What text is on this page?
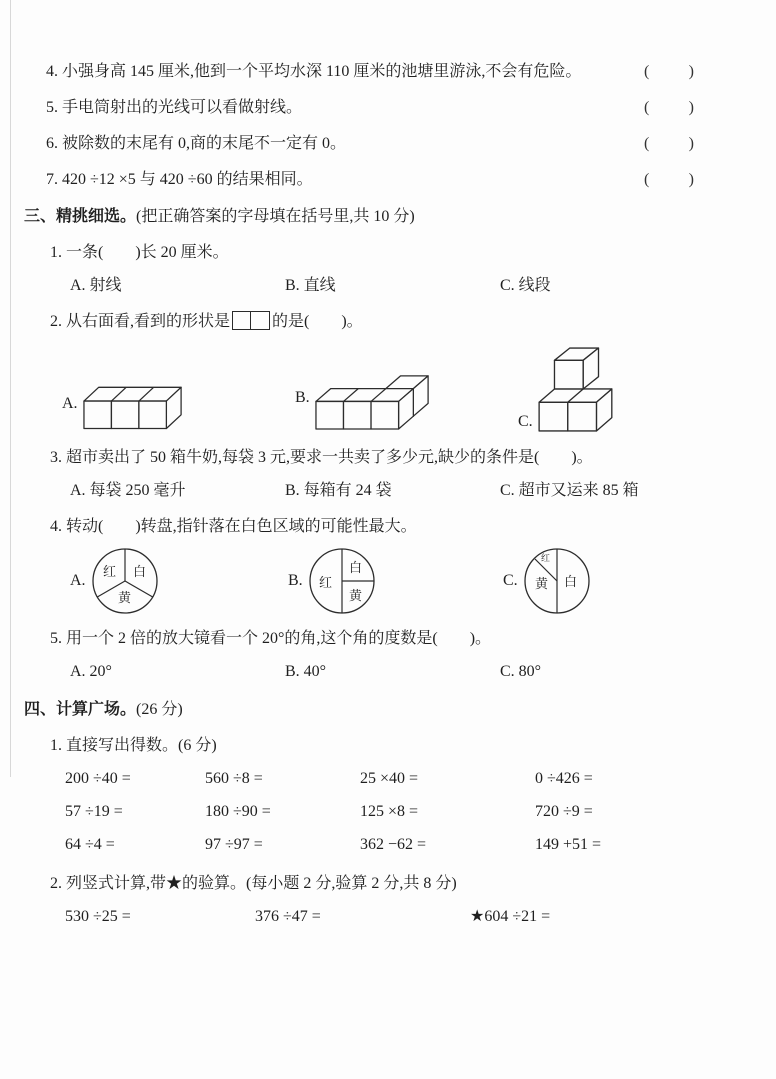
4. 小强身高 145 厘米,他到一个平均水深 110 厘米的池塘里游泳,不会有危险。	( )
5. 手电筒射出的光线可以看做射线。	( )
6. 被除数的末尾有 0,商的末尾不一定有 0。	( )
7. 420 ÷12 ×5 与 420 ÷60 的结果相同。	( )
三、精挑细选。(把正确答案的字母填在括号里,共 10 分)
1. 一条(　　)长 20 厘米。
A. 射线	B. 直线	C. 线段
2. 从右面看,看到的形状是	的是(　　)。
A.	B.
C.
3. 超市卖出了 50 箱牛奶,每袋 3 元,要求一共卖了多少元,缺少的条件是(　　)。
A. 每袋 250 毫升	B. 每箱有 24 袋	C. 超市又运来 85 箱
4. 转动(　　)转盘,指针落在白色区域的可能性最大。
A.
红 白
黄
B. 红
白
黄
C.
红
黄 白
5. 用一个 2 倍的放大镜看一个 20°的角,这个角的度数是(　　)。
A. 20°	B. 40°	C. 80°
四、计算广场。(26 分)
1. 直接写出得数。(6 分)
200 ÷40 =	560 ÷8 =	25 ×40 =	0 ÷426 =
57 ÷19 =	180 ÷90 =	125 ×8 =	720 ÷9 =
64 ÷4 =	97 ÷97 =	362 −62 =	149 +51 =
2. 列竖式计算,带★的验算。(每小题 2 分,验算 2 分,共 8 分)
530 ÷25 =	376 ÷47 =	★604 ÷21 =
